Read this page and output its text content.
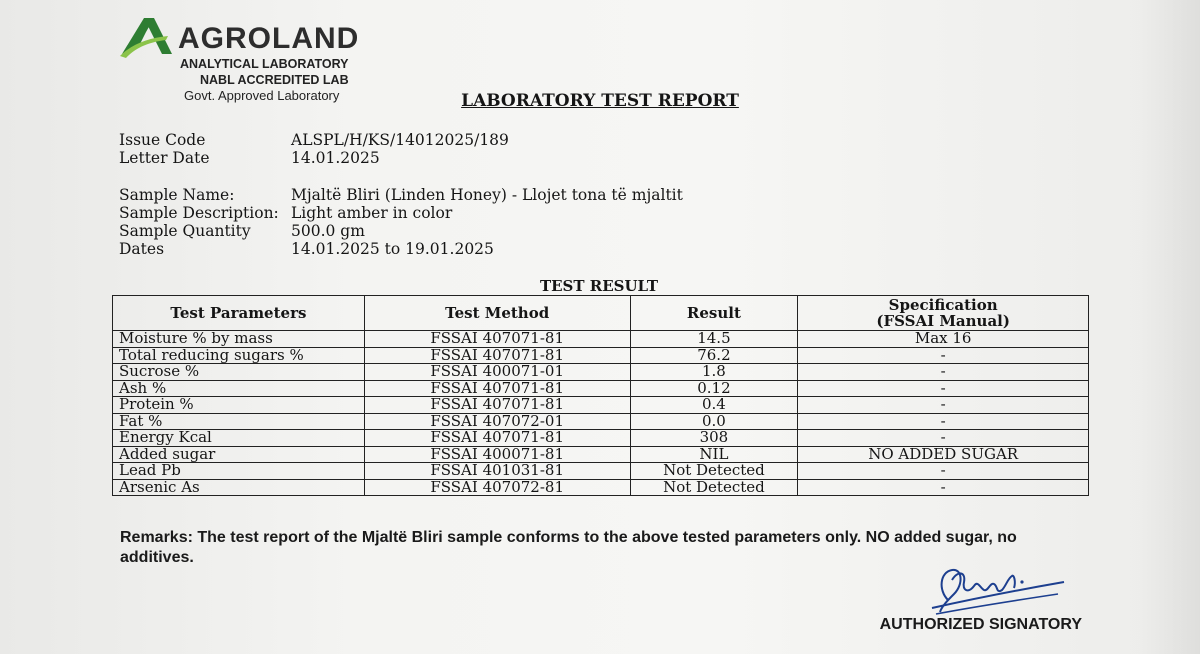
AGROLAND
ANALYTICAL LABORATORY
NABL ACCREDITED LAB
Govt. Approved Laboratory	LABORATORY TEST REPORT
Issue Code	ALSPL/H/KS/14012025/189
Letter Date	14.01.2025
Sample Name:	Mjaltë Bliri (Linden Honey) - Llojet tona të mjaltit
Sample Description: Light amber in color
Sample Quantity	500.0 gm
Dates	14.01.2025 to 19.01.2025
TEST RESULT
Test Parameters	Test Method	Result	Specification
(FSSAI Manual)

Moisture % by mass	FSSAI 407071-81	14.5	Max 16
Total reducing sugars %	FSSAI 407071-81	76.2	-
Sucrose %	FSSAI 400071-01	1.8	-
Ash %	FSSAI 407071-81	0.12	-
Protein %	FSSAI 407071-81	0.4	-
Fat %	FSSAI 407072-01	0.0	-
Energy Kcal	FSSAI 407071-81	308	-
Added sugar	FSSAI 400071-81	NIL	NO ADDED SUGAR
Lead Pb	FSSAI 401031-81	Not Detected	-
Arsenic As	FSSAI 407072-81	Not Detected	-
Remarks: The test report of the Mjaltë Bliri sample conforms to the above tested parameters only. NO added sugar, no additives.
AUTHORIZED SIGNATORY
